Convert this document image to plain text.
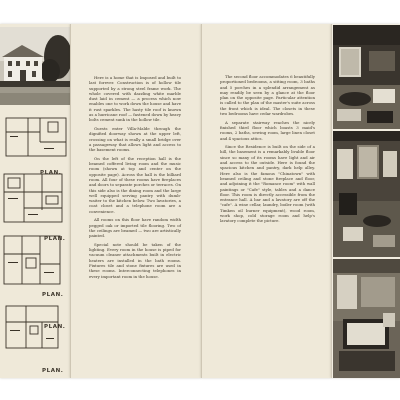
PLAN.
PLAN.
PLAN.
PLAN.
PLAN.

Here is a home that is Imposed and built to last forever. Construction is of hollow tile supported by a strong steel frame work. The whole covered with dazzling white marble dust laid in cement — a process which now enables one to work down the house and have it rust sparkles. The hasty tile roof is known as a hurricane roof — fastened down by heavy bolts cement sunk in the hollow tile.

Guests enter Villa-Malde through the dignified doorway shown at the upper left, crossing on what is really a small bridge over a passageway that allows light and access to the basement rooms.

On the left of the reception hall is the beamed coffered living room and the music room (shown at top and center on the opposite page). Across the hall is the billiard room. All four of these rooms have fireplaces and doors to separate porches or terraces. On this side also is the dining room and the large well equipped serving pantry with dumb-waiter to the kitchen below. Two lavatories, a coat closet and a telephone room are a convenience.

All rooms on this floor have random width pegged oak or imported tile flooring. Two of the ceilings are beamed — two are artistically painted.

Special note should be taken of the lighting. Every room in the house is piped for vacuum cleaner attachments built in electric heaters are installed in the bath rooms. Fixtures tile and stone fixtures are used in these rooms. Interconnecting telephones in every important room in the house.

The second floor accommodates 6 beautifully proportioned bedrooms, a sitting room, 3 baths and 5 porches in a splendid arrangement as may readily be seen by a glance at the floor plan on the opposite page. Particular attention is called to the plan of the master's suite across the front which is ideal. The closets in these two bedrooms have cedar wardrobes.

A separate stairway reaches the nicely finished third floor which boasts 3 maid's rooms, 2 baths, sewing room, large linen closet and 4 spacious attics.

Since the Residence is built on the side of a hill, the basement is a remarkably livable floor since so many of its rooms have light and air and access to the outside. Here is found the spacious kitchen and pantry, dark help alley. Here also is the famous "Chinatown" with beamed ceiling and stone fireplace and floor, and adjoining it the "Romance room" with wall paintings or "Cafe" style, tables and a dance floor. This room is directly accessible from the entrance hall. A bar and a lavatory are off the "cafe". A wine cellar, laundry, boiler room (with Timken oil burner equipment), wood room, work shop, cold storage room and help's lavatory complete the picture.
